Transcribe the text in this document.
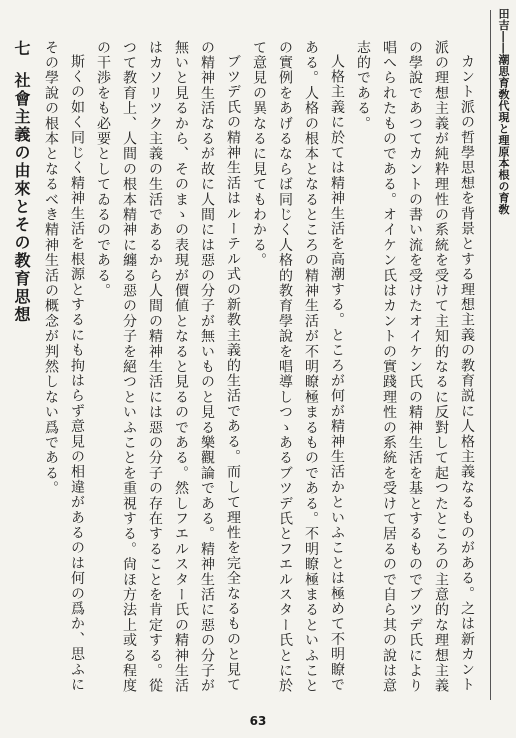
田吉――潮思育敎代現と理原本根の育敎

カント派の哲學思想を背景とする理想主義の教育説に人格主義なるものがある。之は新カント派の理想主義が純粋理性の系統を受けて主知的なるに反對して起つたところの主意的な理想主義の學說であつてカントの書い流を受けたオイケン氏の精神生活を基とするものでブツデ氏により唱へられたものである。オイケン氏はカントの實踐理性の系統を受けて居るので自ら其の說は意志的である。

人格主義に於ては精神生活を高潮する。ところが何が精神生活かといふことは極めて不明瞭である。人格の根本となるところの精神生活が不明瞭極まるものである。不明瞭極まるといふことの實例をあげるならば同じく人格的教育學說を唱導しつゝあるブツデ氏とフエルスター氏とに於て意見の異なるに見てもわかる。

ブツデ氏の精神生活はルーテル式の新教主義的生活である。而して理性を完全なるものと見ての精神生活なるが故に人間には惡の分子が無いものと見る樂觀論である。精神生活に惡の分子が無いと見るから、そのまゝの表現が價値となると見るのである。然しフエルスター氏の精神生活はカソリツク主義の生活であるから人間の精神生活には惡の分子の存在することを肯定する。從つて教育上、人間の根本精神に纏る惡の分子を絕つといふことを重視する。尙ほ方法上或る程度の干渉をも必要としてゐるのである。

斯くの如く同じく精神生活を根源とするにも拘はらず意見の相違があるのは何の爲か、思ふにその學說の根本となるべき精神生活の概念が判然しない爲である。

七社會主義の由來とその教育思想
63
